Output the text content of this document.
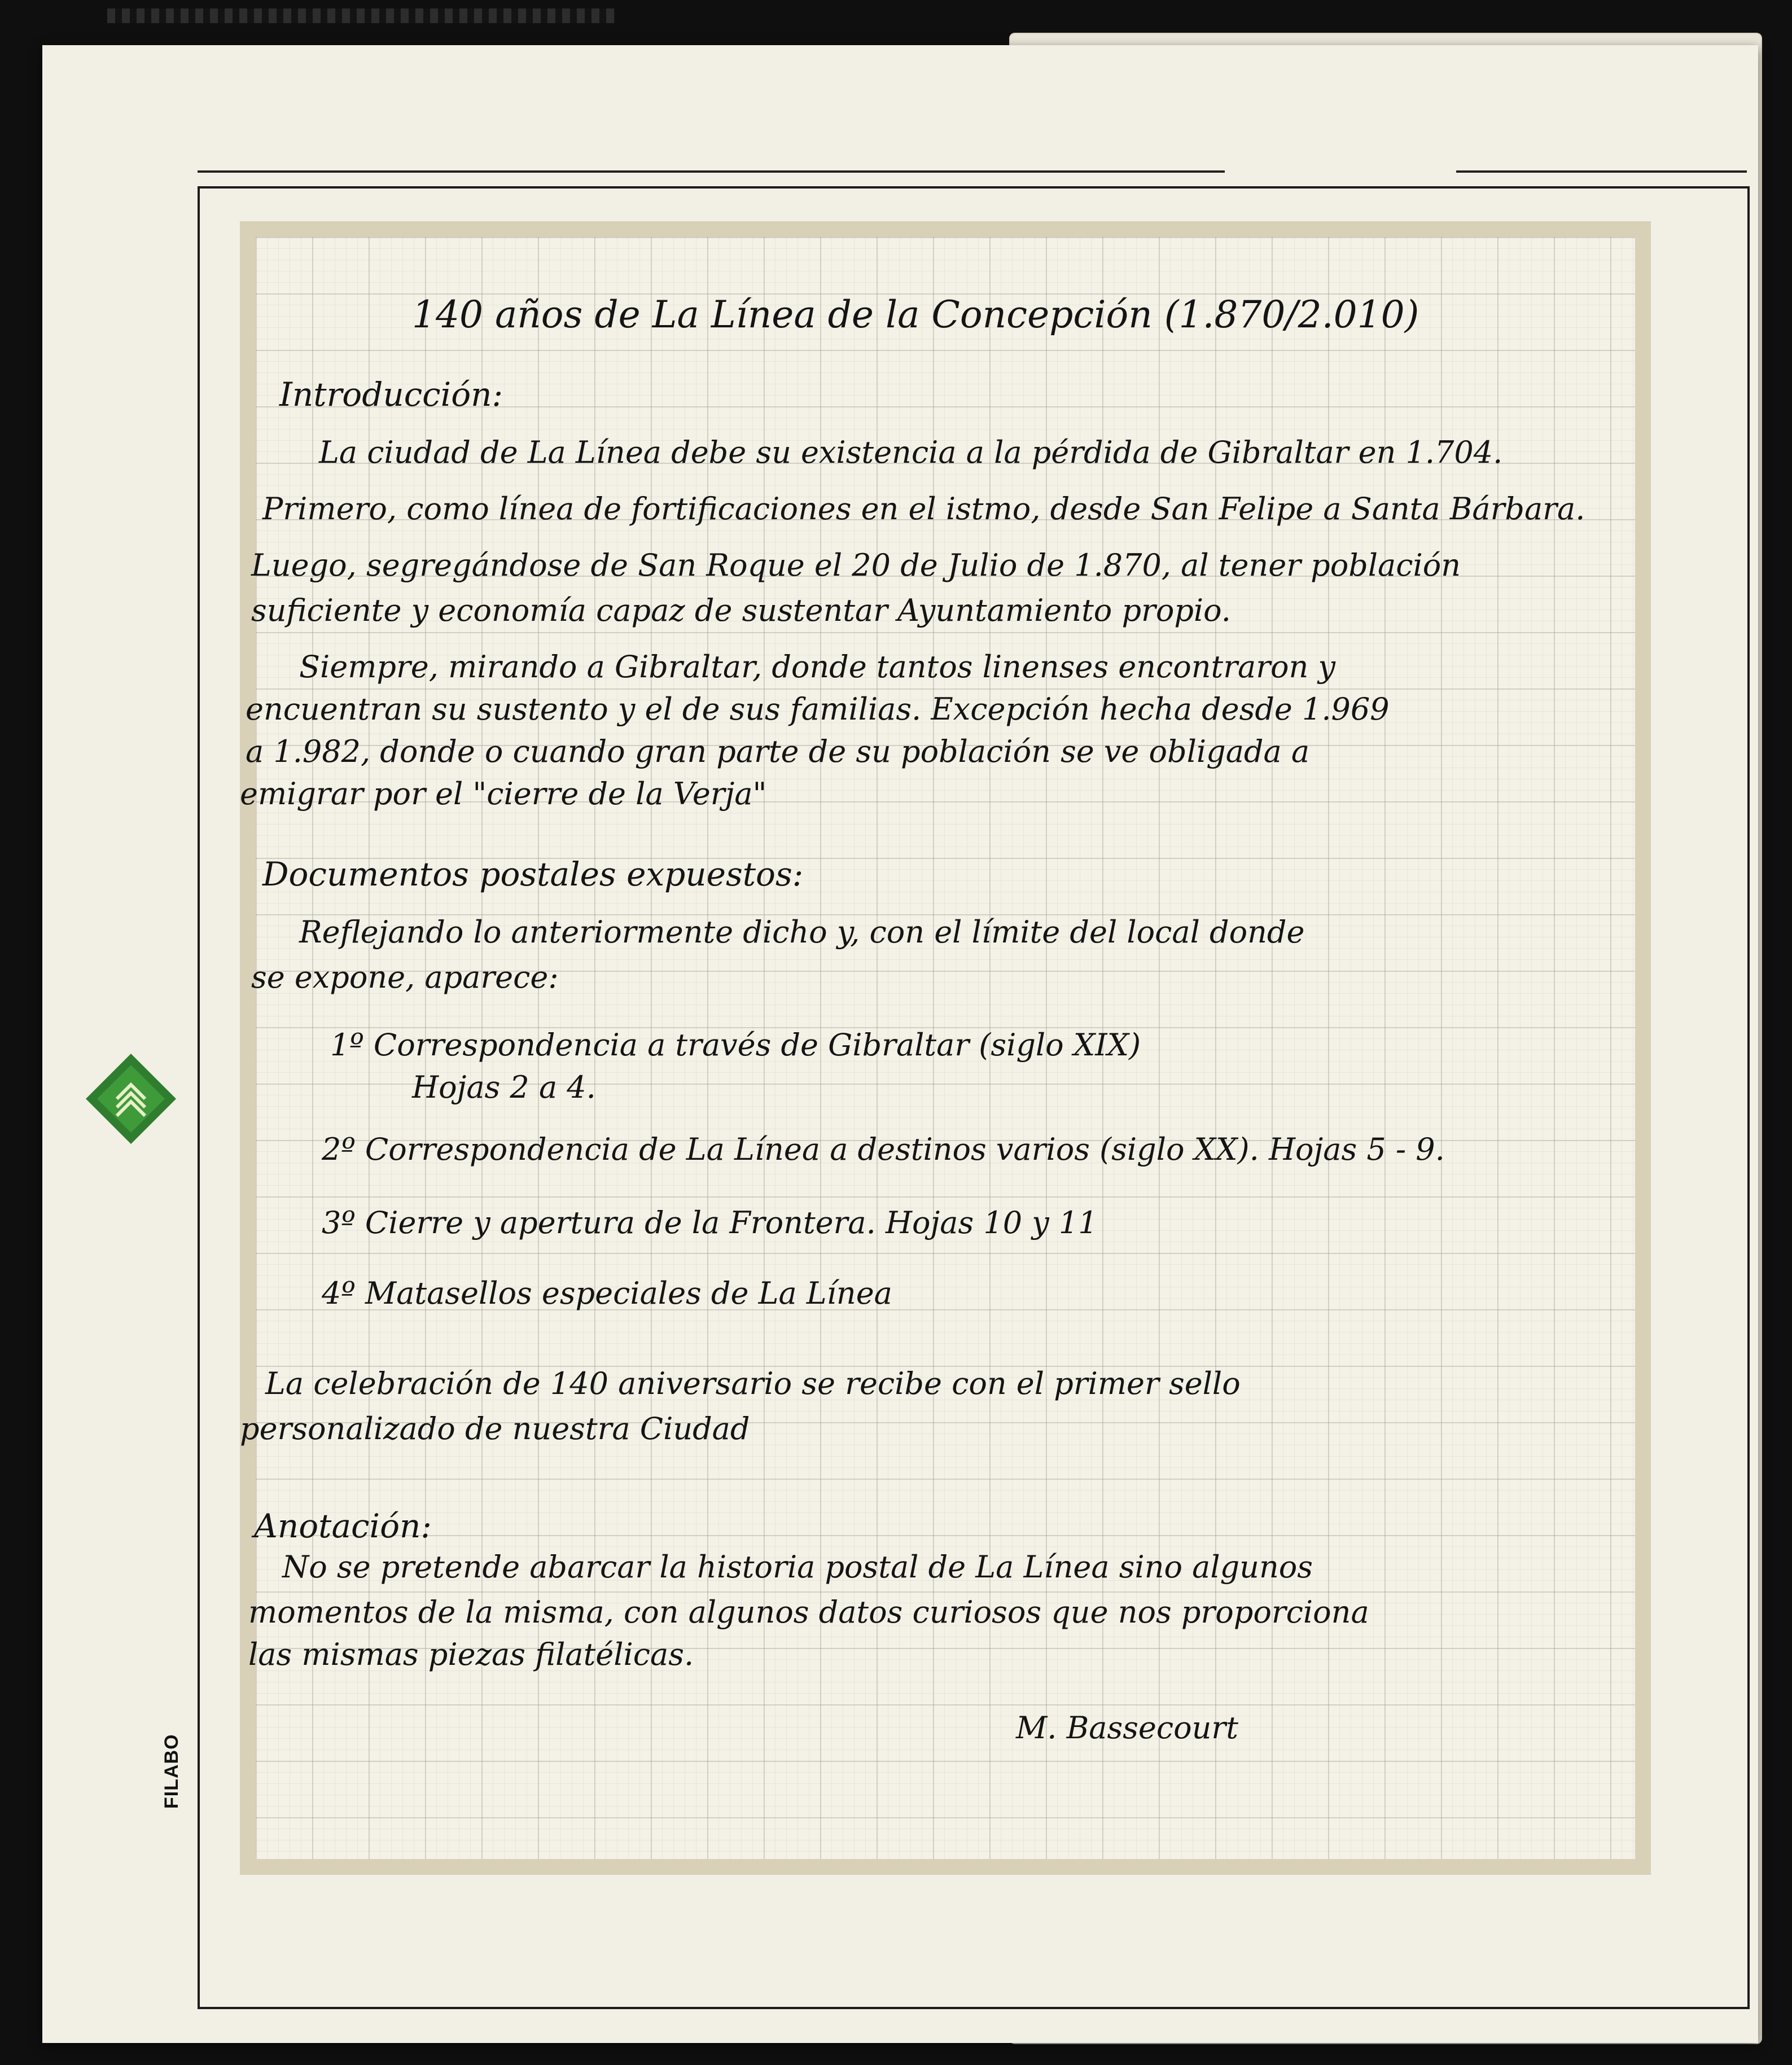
FILABO

140 años de La Línea de la Concepción (1.870/2.010)

Introducción:

La ciudad de La Línea debe su existencia a la pérdida de Gibraltar en 1.704.

Primero, como línea de fortificaciones en el istmo, desde San Felipe a Santa Bárbara.

Luego, segregándose de San Roque el 20 de Julio de 1.870, al tener población

suficiente y economía capaz de sustentar Ayuntamiento propio.

Siempre, mirando a Gibraltar, donde tantos linenses encontraron y

encuentran su sustento y el de sus familias. Excepción hecha desde 1.969

a 1.982, donde o cuando gran parte de su población se ve obligada a

emigrar por el "cierre de la Verja"

Documentos postales expuestos:

Reflejando lo anteriormente dicho y, con el límite del local donde

se expone, aparece:

1º Correspondencia a través de Gibraltar (siglo XIX)

Hojas 2 a 4.

2º Correspondencia de La Línea a destinos varios (siglo XX). Hojas 5 - 9.

3º Cierre y apertura de la Frontera. Hojas 10 y 11

4º Matasellos especiales de La Línea

La celebración de 140 aniversario se recibe con el primer sello

personalizado de nuestra Ciudad

Anotación:

No se pretende abarcar la historia postal de La Línea sino algunos

momentos de la misma, con algunos datos curiosos que nos proporciona

las mismas piezas filatélicas.

M. Bassecourt
